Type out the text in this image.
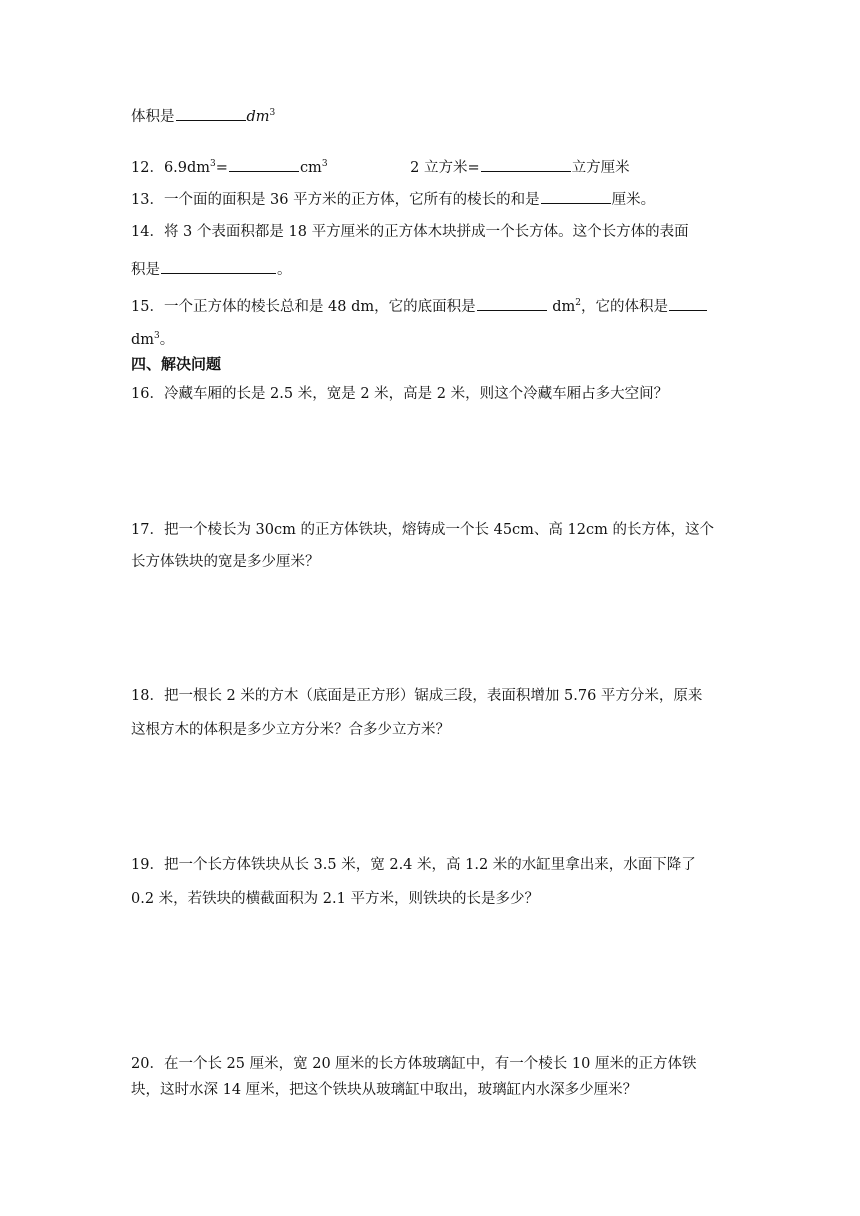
体积是	$dm^3$
12．$6.9dm^3=$	$cm^3$	2 立方米=	立方厘米
13．一个面的面积是 36 平方米的正方体，它所有的棱长的和是	厘米。
14．将 3 个表面积都是 18 平方厘米的正方体木块拼成一个长方体。这个长方体的表面
积是	。
15．一个正方体的棱长总和是 48 dm，它的底面积是	$dm^2$，它的体积是
$dm^3$。
四、解决问题
16．冷藏车厢的长是 2.5 米，宽是 2 米，高是 2 米，则这个冷藏车厢占多大空间？
17．把一个棱长为 30cm 的正方体铁块，熔铸成一个长 45cm、高 12cm 的长方体，这个
长方体铁块的宽是多少厘米？
18．把一根长 2 米的方木（底面是正方形）锯成三段，表面积增加 5.76 平方分米，原来
这根方木的体积是多少立方分米？合多少立方米？
19．把一个长方体铁块从长 3.5 米，宽 2.4 米，高 1.2 米的水缸里拿出来，水面下降了
0.2 米，若铁块的横截面积为 2.1 平方米，则铁块的长是多少？
20．在一个长 25 厘米，宽 20 厘米的长方体玻璃缸中，有一个棱长 10 厘米的正方体铁
块，这时水深 14 厘米，把这个铁块从玻璃缸中取出，玻璃缸内水深多少厘米？
